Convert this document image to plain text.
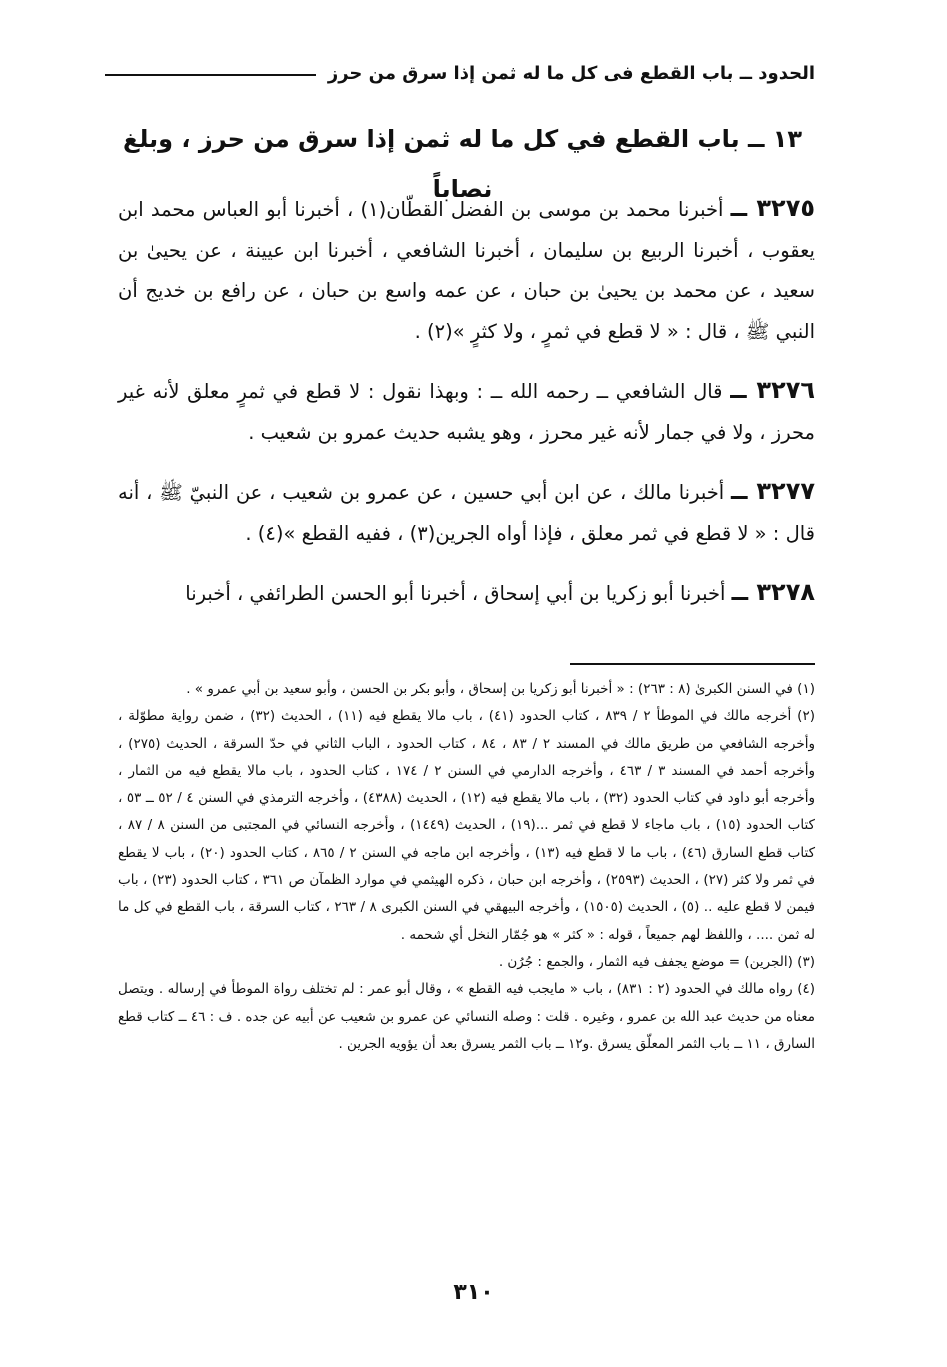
الحدود ــ باب القطع فى كل ما له ثمن إذا سرق من حرز
١٣ ــ باب القطع في كل ما له ثمن إذا سرق من حرز ، وبلغ نصاباً

٣٢٧٥ ــ أخبرنا محمد بن موسى بن الفضل القطّان(١) ، أخبرنا أبو العباس محمد ابن يعقوب ، أخبرنا الربيع بن سليمان ، أخبرنا الشافعي ، أخبرنا ابن عيينة ، عن يحيىٰ بن سعيد ، عن محمد بن يحيىٰ بن حبان ، عن عمه واسع بن حبان ، عن رافع بن خديج أن النبي ﷺ ، قال : « لا قطع في ثمرٍ ، ولا كثرٍ »(٢) .

٣٢٧٦ ــ قال الشافعي ــ رحمه الله ــ : وبهذا نقول : لا قطع في ثمرٍ معلق لأنه غير محرز ، ولا في جمار لأنه غير محرز ، وهو يشبه حديث عمرو بن شعيب .

٣٢٧٧ ــ أخبرنا مالك ، عن ابن أبي حسين ، عن عمرو بن شعيب ، عن النبيّ ﷺ ، أنه قال : « لا قطع في ثمر معلق ، فإذا أواه الجرين(٣) ، ففيه القطع »(٤) .

٣٢٧٨ ــ أخبرنا أبو زكريا بن أبي إسحاق ، أخبرنا أبو الحسن الطرائفي ، أخبرنا

(١) في السنن الكبرىٰ (٨ : ٢٦٣) : « أخبرنا أبو زكريا بن إسحاق ، وأبو بكر بن الحسن ، وأبو سعيد بن أبي عمرو » .

(٢) أخرجه مالك في الموطأ ٢ / ٨٣٩ ، كتاب الحدود (٤١) ، باب مالا يقطع فيه (١١) ، الحديث (٣٢) ، ضمن رواية مطوّلة ، وأخرجه الشافعي من طريق مالك في المسند ٢ / ٨٣ ، ٨٤ ، كتاب الحدود ، الباب الثاني في حدّ السرقة ، الحديث (٢٧٥) ، وأخرجه أحمد في المسند ٣ / ٤٦٣ ، وأخرجه الدارمي في السنن ٢ / ١٧٤ ، كتاب الحدود ، باب مالا يقطع فيه من الثمار ، وأخرجه أبو داود في كتاب الحدود (٣٢) ، باب مالا يقطع فيه (١٢) ، الحديث (٤٣٨٨) ، وأخرجه الترمذي في السنن ٤ / ٥٢ ــ ٥٣ ، كتاب الحدود (١٥) ، باب ماجاء لا قطع في ثمر ...(١٩) ، الحديث (١٤٤٩) ، وأخرجه النسائي في المجتبى من السنن ٨ / ٨٧ ، كتاب قطع السارق (٤٦) ، باب ما لا قطع فيه (١٣) ، وأخرجه ابن ماجه في السنن ٢ / ٨٦٥ ، كتاب الحدود (٢٠) ، باب لا يقطع في ثمر ولا كثر (٢٧) ، الحديث (٢٥٩٣) ، وأخرجه ابن حبان ، ذكره الهيثمي في موارد الظمآن ص ٣٦١ ، كتاب الحدود (٢٣) ، باب فيمن لا قطع عليه .. (٥) ، الحديث (١٥٠٥) ، وأخرجه البيهقي في السنن الكبرى ٨ / ٢٦٣ ، كتاب السرقة ، باب القطع في كل ما له ثمن .... ، واللفظ لهم جميعاً ، قوله : « كثر » هو جُمّار النخل أي شحمه .

(٣) (الجرين) = موضع يجفف فيه الثمار ، والجمع : جُرُن .

(٤) رواه مالك في الحدود (٢ : ٨٣١) ، باب « مايجب فيه القطع » ، وقال أبو عمر : لم تختلف رواة الموطأ في إرساله . ويتصل معناه من حديث عبد الله بن عمرو ، وغيره . قلت : وصله النسائي عن عمرو بن شعيب عن أبيه عن جده . ف : ٤٦ ــ كتاب قطع السارق ، ١١ ــ باب الثمر المعلّق يسرق .و١٢ ــ باب الثمر يسرق بعد أن يؤويه الجرين .

٣١٠
